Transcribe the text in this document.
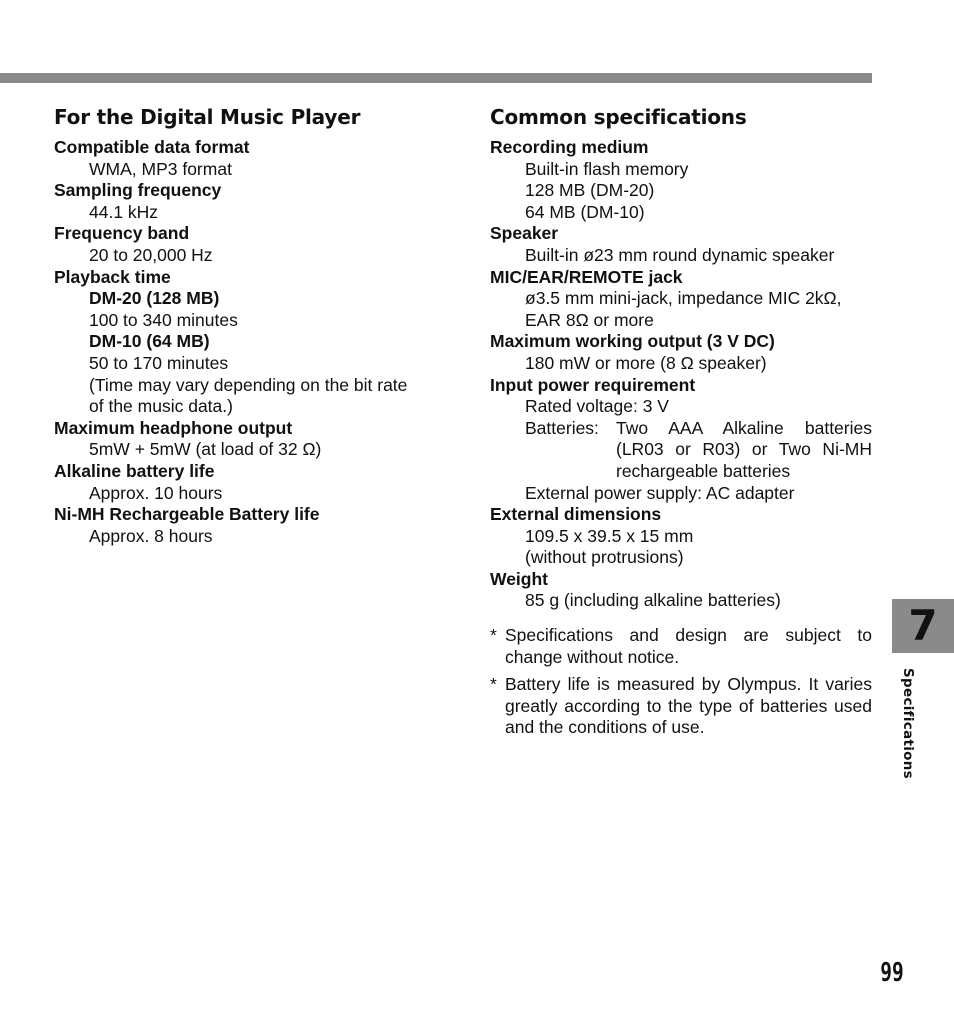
For the Digital Music Player
Compatible data format
WMA, MP3 format
Sampling frequency
44.1 kHz
Frequency band
20 to 20,000 Hz
Playback time
DM-20 (128 MB)
100 to 340 minutes
DM-10 (64 MB)
50 to 170 minutes
(Time may vary depending on the bit rate
of the music data.)
Maximum headphone output
5mW + 5mW (at load of 32 Ω)
Alkaline battery life
Approx. 10 hours
Ni-MH Rechargeable Battery life
Approx. 8 hours
Common specifications
Recording medium
Built-in flash memory
128 MB (DM-20)
64 MB (DM-10)
Speaker
Built-in ø23 mm round dynamic speaker
MIC/EAR/REMOTE jack
ø3.5 mm mini-jack, impedance MIC 2kΩ,
EAR 8Ω or more
Maximum working output (3 V DC)
180 mW or more (8 Ω speaker)
Input power requirement
Rated voltage: 3 V
Batteries: Two AAA Alkaline batteries (LR03 or R03) or Two Ni-MH rechargeable batteries
External power supply: AC adapter
External dimensions
109.5 x 39.5 x 15 mm
(without protrusions)
Weight
85 g (including alkaline batteries)
* Specifications and design are subject to change without notice.
* Battery life is measured by Olympus. It varies greatly according to the type of batteries used and the conditions of use.
7
Specifications
99
